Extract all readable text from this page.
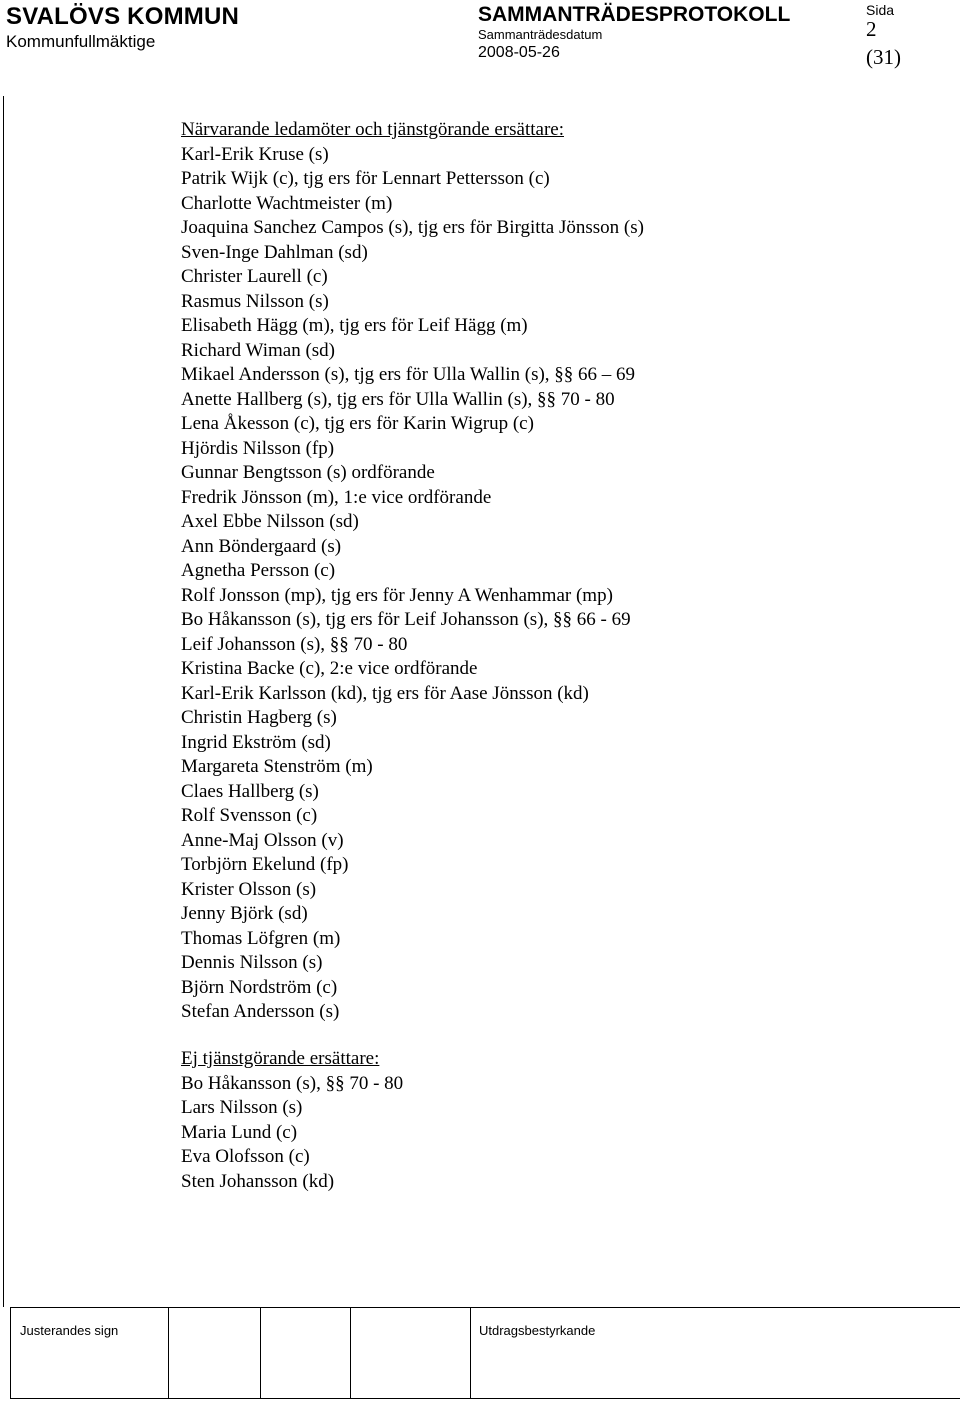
SVALÖVS KOMMUN
Kommunfullmäktige
SAMMANTRÄDESPROTOKOLL
Sammanträdesdatum
2008-05-26
Sida
2
(31)
Närvarande ledamöter och tjänstgörande ersättare:
Karl-Erik Kruse (s)
Patrik Wijk (c), tjg ers för Lennart Pettersson (c)
Charlotte Wachtmeister (m)
Joaquina Sanchez Campos (s), tjg ers för Birgitta Jönsson (s)
Sven-Inge Dahlman (sd)
Christer Laurell (c)
Rasmus Nilsson (s)
Elisabeth Hägg (m), tjg ers för Leif Hägg (m)
Richard Wiman (sd)
Mikael Andersson (s), tjg ers för Ulla Wallin (s), §§ 66 – 69
Anette Hallberg (s), tjg ers för Ulla Wallin (s), §§ 70 - 80
Lena Åkesson (c), tjg ers för Karin Wigrup (c)
Hjördis Nilsson (fp)
Gunnar Bengtsson (s) ordförande
Fredrik Jönsson (m), 1:e vice ordförande
Axel Ebbe Nilsson (sd)
Ann Böndergaard (s)
Agnetha Persson (c)
Rolf Jonsson (mp), tjg ers för Jenny A Wenhammar (mp)
Bo Håkansson (s), tjg ers för Leif Johansson (s), §§ 66 - 69
Leif Johansson (s), §§ 70 - 80
Kristina Backe (c), 2:e vice ordförande
Karl-Erik Karlsson (kd), tjg ers för Aase Jönsson (kd)
Christin Hagberg (s)
Ingrid Ekström (sd)
Margareta Stenström (m)
Claes Hallberg (s)
Rolf Svensson (c)
Anne-Maj Olsson (v)
Torbjörn Ekelund (fp)
Krister Olsson (s)
Jenny Björk (sd)
Thomas Löfgren (m)
Dennis Nilsson (s)
Björn Nordström (c)
Stefan Andersson (s)
Ej tjänstgörande ersättare:
Bo Håkansson (s), §§ 70 - 80
Lars Nilsson (s)
Maria Lund (c)
Eva Olofsson (c)
Sten Johansson (kd)
Justerandes sign	Utdragsbestyrkande
